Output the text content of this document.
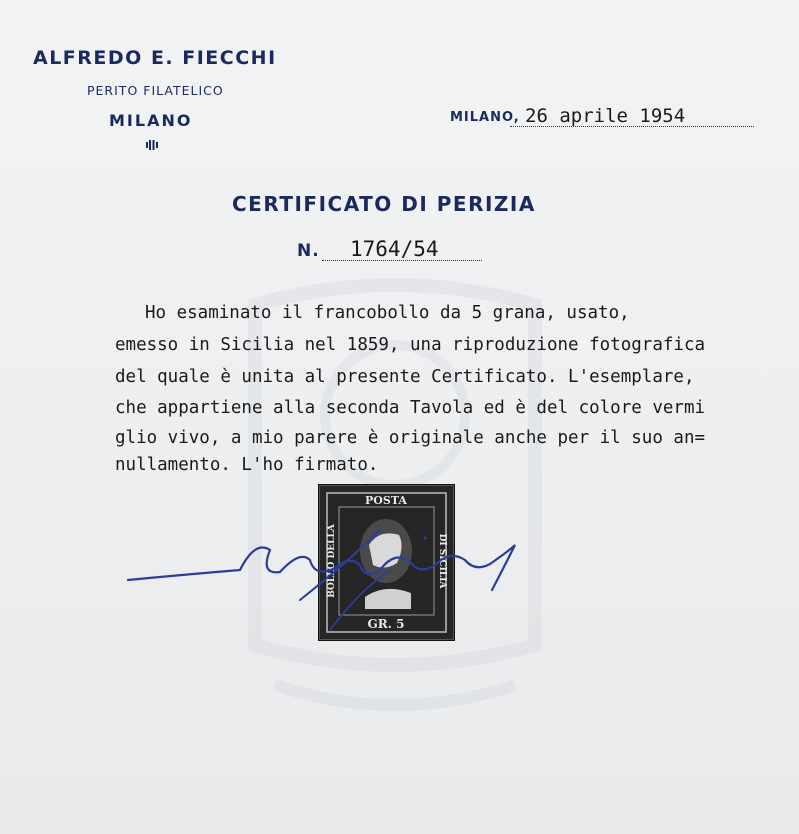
ALFREDO E. FIECCHI
PERITO FILATELICO
MILANO	MILANO, 26 aprile 1954
CERTIFICATO DI PERIZIA
N. 1764/54
Ho esaminato il francobollo da 5 grana, usato,
emesso in Sicilia nel 1859, una riproduzione fotografica
del quale è unita al presente Certificato. L'esemplare,
che appartiene alla seconda Tavola ed è del colore vermi
glio vivo, a mio parere è originale anche per il suo an=
nullamento. L'ho firmato.
POSTA
GR. 5
BOLLO DELLA	DI SICILIA
